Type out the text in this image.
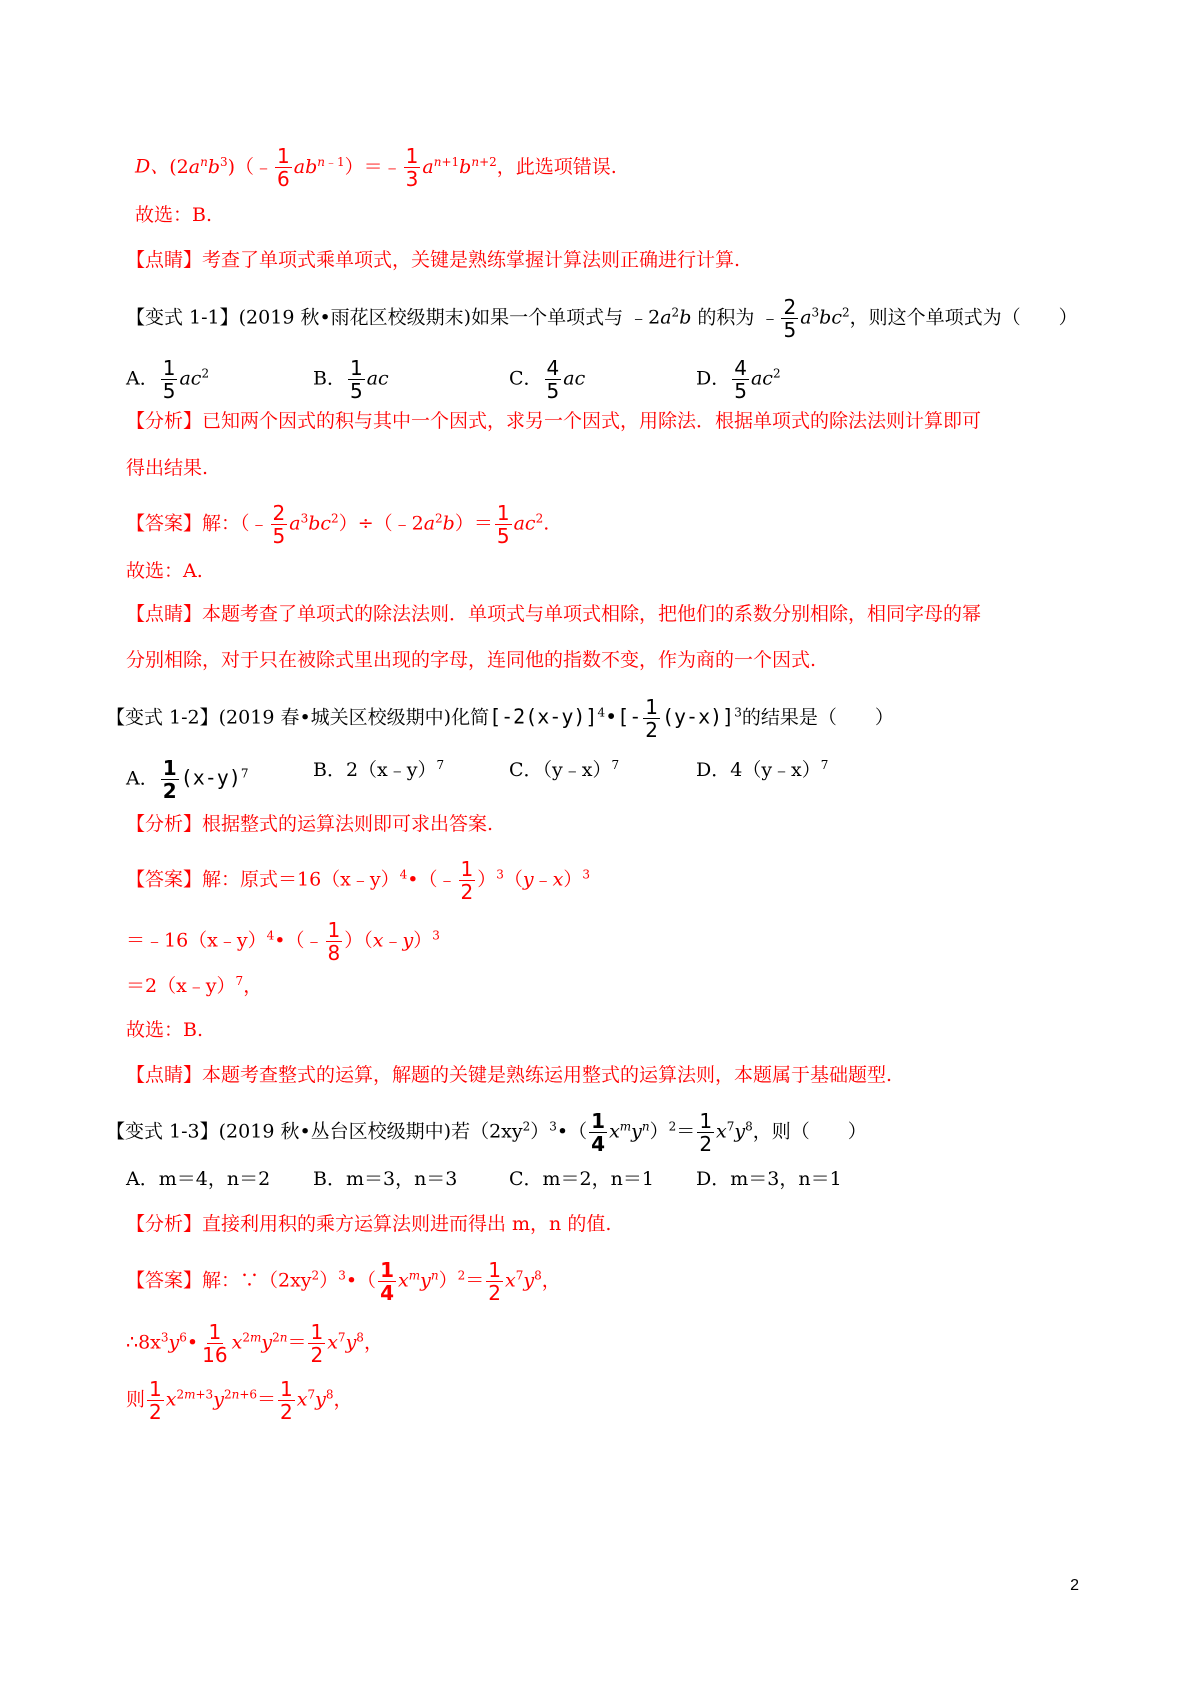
D、$(2a^nb^3)(﹣ \frac{1}{6}$ $ab^{n﹣1})=﹣ \frac{1}{3} a^{n+1}b^{n+2}$，此选项错误.
故选：B.
【点睛】考查了单项式乘单项式，关键是熟练掌握计算法则正确进行计算.
【变式 1-1】(2019 秋•雨花区校级期末)如果一个单项式与 $﹣2a^2b$ 的积为 ﹣ $\frac{2}{5} a^3bc^2$，则这个单项式为（　　）
A． $\frac{1}{5} ac^2$	B． $\frac{1}{5}$ ac	C． $\frac{4}{5}$ ac	D． $\frac{4}{5} ac^2$
【分析】已知两个因式的积与其中一个因式，求另一个因式，用除法．根据单项式的除法法则计算即可
得出结果.
【答案】解：（﹣ $\frac{2}{5}$ $a^3bc^2)\div(﹣2a^2b)= \frac{1}{5} ac^2$.
故选：A.
【点睛】本题考查了单项式的除法法则．单项式与单项式相除，把他们的系数分别相除，相同字母的幂
分别相除，对于只在被除式里出现的字母，连同他的指数不变，作为商的一个因式.
【变式 1-2】(2019 春•城关区校级期中)化简$[-2(x-y)]^4•[- \frac{1}{2} (y-x)]^3$的结果是（　　）
A． $\frac{1}{2} (x-y)^7$	B．2（x﹣y）$^7$	C．（y﹣x）$^7$	D．4（y﹣x）$^7$
【分析】根据整式的运算法则即可求出答案.
【答案】解：原式＝16（x﹣y）$^4$•（﹣ $\frac{1}{2}$ ）$^3$（y﹣x）$^3$
＝﹣16（x﹣y）$^4$•（﹣ $\frac{1}{8}$ ）（x﹣y）$^3$
＝2（x﹣y）$^7$，
故选：B.
【点睛】本题考查整式的运算，解题的关键是熟练运用整式的运算法则，本题属于基础题型.
【变式 1-3】(2019 秋•丛台区校级期中)若$(2xy^2)^3•( \frac{1}{4} x^my^n)^2= \frac{1}{2} x^7y^8$，则（　　）
A．m＝4，n＝2 B．m＝3，n＝3	C．m＝2，n＝1 D．m＝3，n＝1
【分析】直接利用积的乘方运算法则进而得出 m，n 的值.
【答案】解：$\because(2xy^2)^3•( \frac{1}{4} x^my^n)^2= \frac{1}{2} x^7y^8$，
$\therefore 8x^3y^6• \frac{1}{16} x^{2m}y^{2n}= \frac{1}{2} x^7y^8$，
则 $\frac{1}{2} x^{2m+3}y^{2n+6}= \frac{1}{2} x^7y^8$，
2
